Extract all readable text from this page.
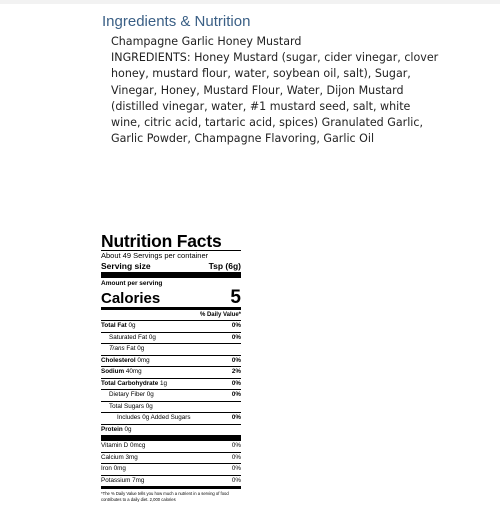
Ingredients & Nutrition
Champagne Garlic Honey Mustard
INGREDIENTS: Honey Mustard (sugar, cider vinegar, clover honey, mustard flour, water, soybean oil, salt), Sugar, Vinegar, Honey, Mustard Flour, Water, Dijon Mustard (distilled vinegar, water, #1 mustard seed, salt, white wine, citric acid, tartaric acid, spices) Granulated Garlic, Garlic Powder, Champagne Flavoring, Garlic Oil
Nutrition Facts
About 49 Servings per container
Serving size	Tsp (6g)
Amount per serving
Calories	5
% Daily Value*
Total Fat 0g	0%
Saturated Fat 0g	0%
Trans Fat 0g
Cholesterol 0mg	0%
Sodium 40mg	2%
Total Carbohydrate 1g	0%
Dietary Fiber 0g	0%
Total Sugars 0g
Includes 0g Added Sugars	0%
Protein 0g
Vitamin D 0mcg	0%
Calcium 3mg	0%
Iron 0mg	0%
Potassium 7mg	0%
*The % Daily Value tells you how much a nutrient in a serving of food contributes to a daily diet. 2,000 calories
